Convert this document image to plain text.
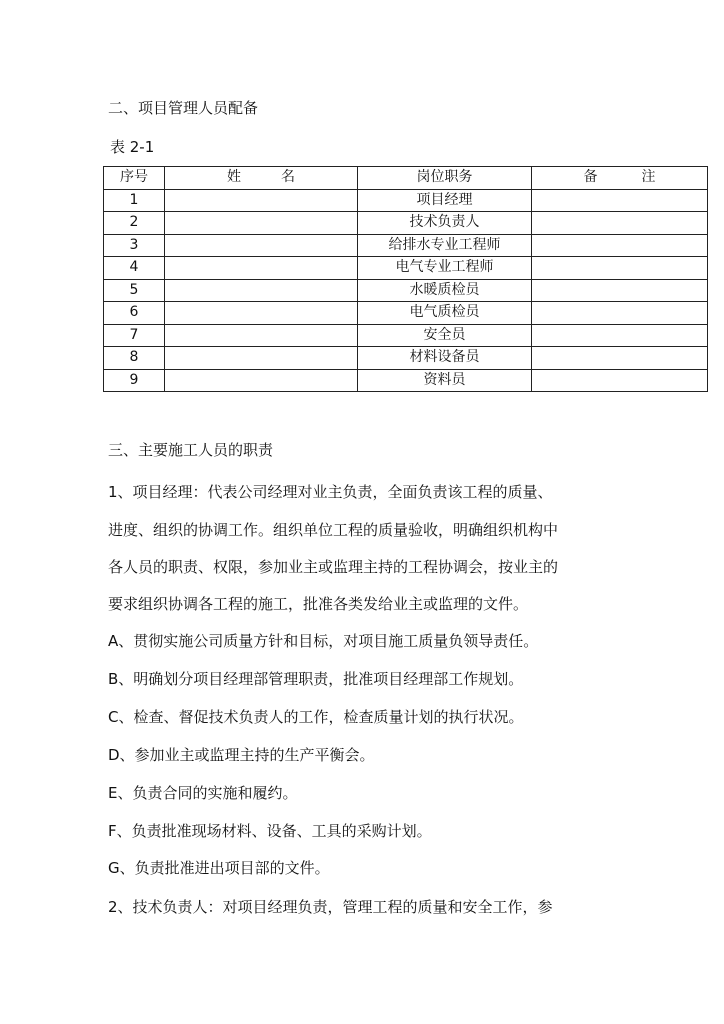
二、项目管理人员配备
表 2-1
序号	姓名	岗位职务	备注
1		项目经理	
2		技术负责人	
3		给排水专业工程师	
4		电气专业工程师	
5		水暖质检员	
6		电气质检员	
7		安全员	
8		材料设备员	
9		资料员	
三、主要施工人员的职责
1、项目经理：代表公司经理对业主负责，全面负责该工程的质量、
进度、组织的协调工作。组织单位工程的质量验收，明确组织机构中
各人员的职责、权限，参加业主或监理主持的工程协调会，按业主的
要求组织协调各工程的施工，批准各类发给业主或监理的文件。
A、贯彻实施公司质量方针和目标，对项目施工质量负领导责任。
B、明确划分项目经理部管理职责，批准项目经理部工作规划。
C、检查、督促技术负责人的工作，检查质量计划的执行状况。
D、参加业主或监理主持的生产平衡会。
E、负责合同的实施和履约。
F、负责批准现场材料、设备、工具的采购计划。
G、负责批准进出项目部的文件。
2、技术负责人：对项目经理负责，管理工程的质量和安全工作，参
